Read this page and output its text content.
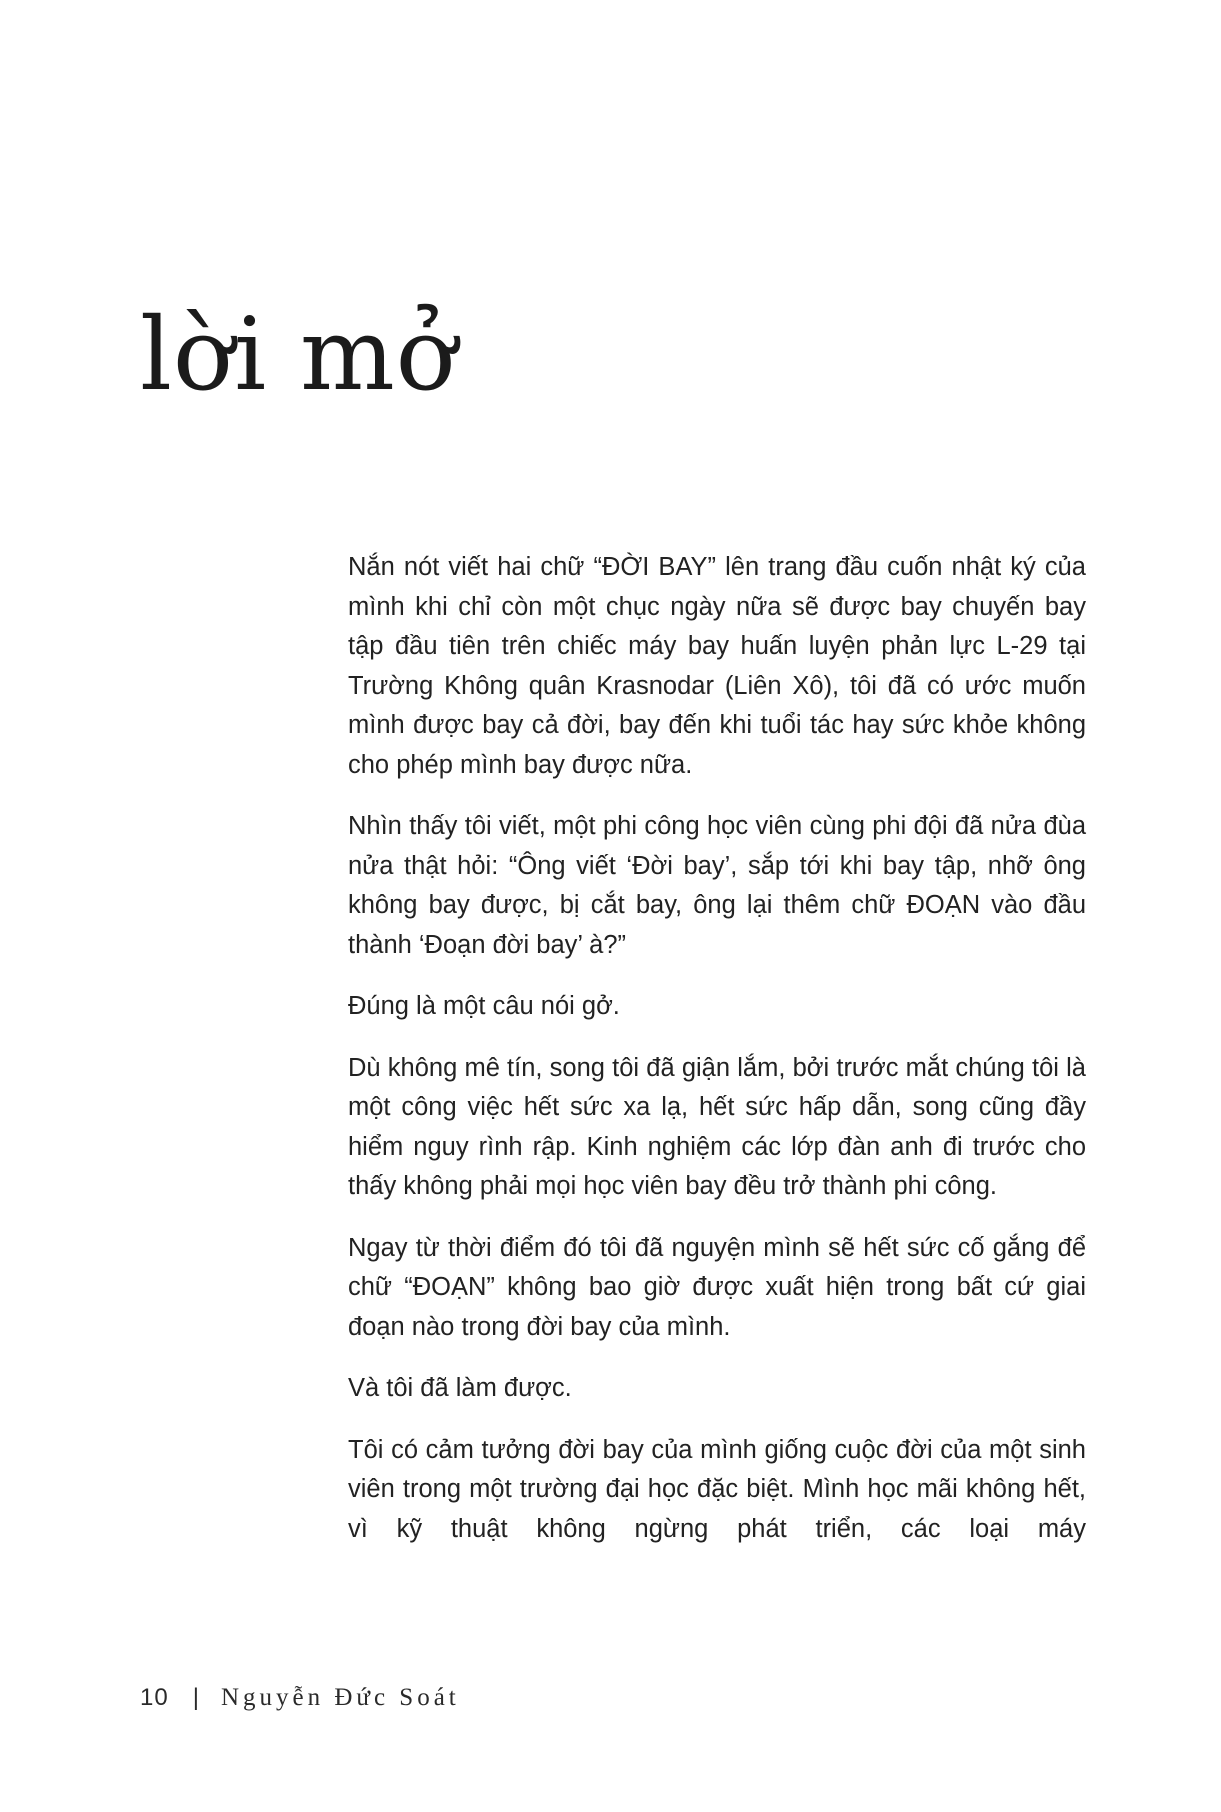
lời mở

Nắn nót viết hai chữ “ĐỜI BAY” lên trang đầu cuốn nhật ký của mình khi chỉ còn một chục ngày nữa sẽ được bay chuyến bay tập đầu tiên trên chiếc máy bay huấn luyện phản lực L-29 tại Trường Không quân Krasnodar (Liên Xô), tôi đã có ước muốn mình được bay cả đời, bay đến khi tuổi tác hay sức khỏe không cho phép mình bay được nữa.

Nhìn thấy tôi viết, một phi công học viên cùng phi đội đã nửa đùa nửa thật hỏi: “Ông viết ‘Đời bay’, sắp tới khi bay tập, nhỡ ông không bay được, bị cắt bay, ông lại thêm chữ ĐOẠN vào đầu thành ‘Đoạn đời bay’ à?”

Đúng là một câu nói gở.

Dù không mê tín, song tôi đã giận lắm, bởi trước mắt chúng tôi là một công việc hết sức xa lạ, hết sức hấp dẫn, song cũng đầy hiểm nguy rình rập. Kinh nghiệm các lớp đàn anh đi trước cho thấy không phải mọi học viên bay đều trở thành phi công.

Ngay từ thời điểm đó tôi đã nguyện mình sẽ hết sức cố gắng để chữ “ĐOẠN” không bao giờ được xuất hiện trong bất cứ giai đoạn nào trong đời bay của mình.

Và tôi đã làm được.

Tôi có cảm tưởng đời bay của mình giống cuộc đời của một sinh viên trong một trường đại học đặc biệt. Mình học mãi không hết, vì kỹ thuật không ngừng phát triển, các loại máy

10 | Nguyễn Đức Soát
